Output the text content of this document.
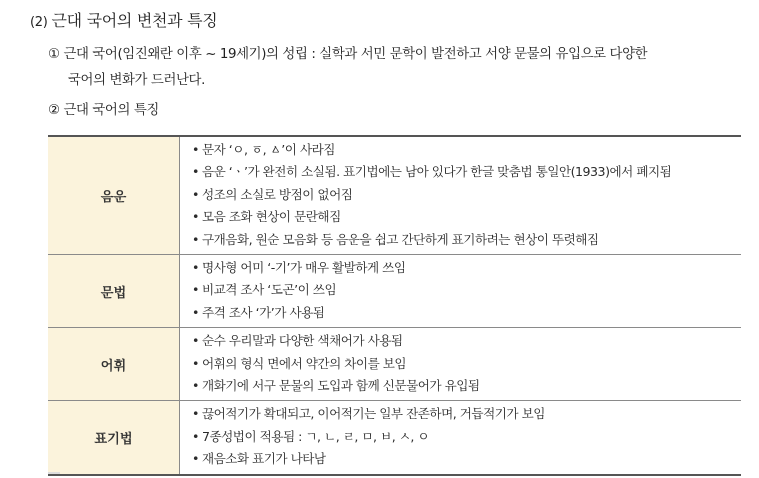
(2) 근대 국어의 변천과 특징
① 근대 국어(임진왜란 이후 ~ 19세기)의 성립 : 실학과 서민 문학이 발전하고 서양 문물의 유입으로 다양한
국어의 변화가 드러난다.
② 근대 국어의 특징
음운	• 문자 ‘ㅇ, ㆆ, ㅿ’이 사라짐
• 음운 ‘ㆍ’가 완전히 소실됨. 표기법에는 남아 있다가 한글 맞춤법 통일안(1933)에서 폐지됨
• 성조의 소실로 방점이 없어짐
• 모음 조화 현상이 문란해짐
• 구개음화, 원순 모음화 등 음운을 쉽고 간단하게 표기하려는 현상이 뚜렷해짐

문법	• 명사형 어미 ‘-기’가 매우 활발하게 쓰임
• 비교격 조사 ‘도곤’이 쓰임
• 주격 조사 ‘가’가 사용됨

어휘	• 순수 우리말과 다양한 색채어가 사용됨
• 어휘의 형식 면에서 약간의 차이를 보임
• 개화기에 서구 문물의 도입과 함께 신문물어가 유입됨

표기법	• 끊어적기가 확대되고, 이어적기는 일부 잔존하며, 거듭적기가 보임
• 7종성법이 적용됨 : ㄱ, ㄴ, ㄹ, ㅁ, ㅂ, ㅅ, ㅇ
• 재음소화 표기가 나타남
